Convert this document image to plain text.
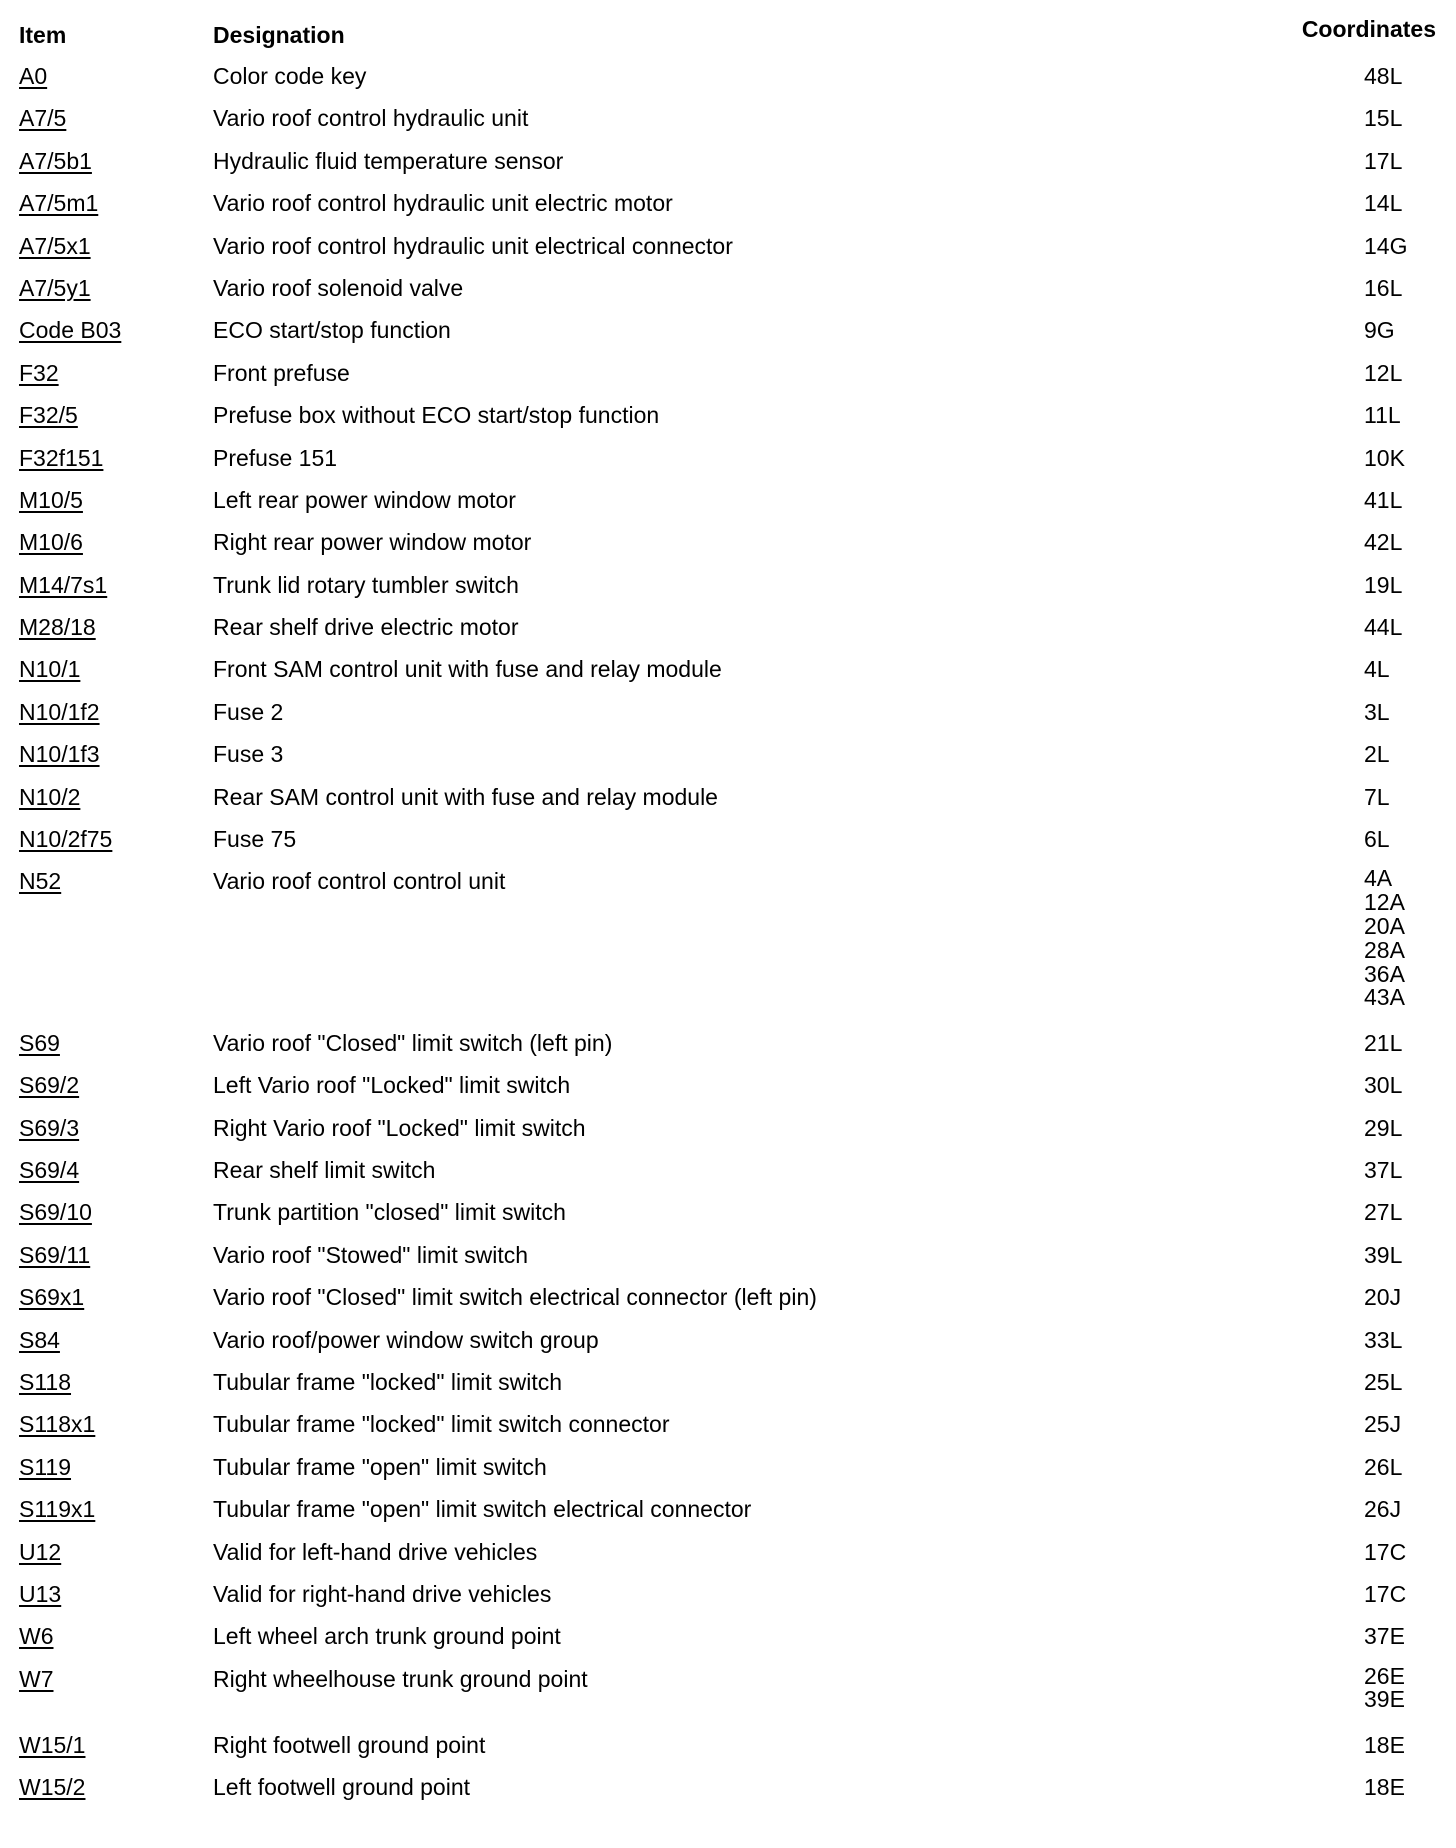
Item	Designation	Coordinates
A0	Color code key	48L
A7/5	Vario roof control hydraulic unit	15L
A7/5b1	Hydraulic fluid temperature sensor	17L
A7/5m1	Vario roof control hydraulic unit electric motor	14L
A7/5x1	Vario roof control hydraulic unit electrical connector	14G
A7/5y1	Vario roof solenoid valve	16L
Code B03	ECO start/stop function	9G
F32	Front prefuse	12L
F32/5	Prefuse box without ECO start/stop function	11L
F32f151	Prefuse 151	10K
M10/5	Left rear power window motor	41L
M10/6	Right rear power window motor	42L
M14/7s1	Trunk lid rotary tumbler switch	19L
M28/18	Rear shelf drive electric motor	44L
N10/1	Front SAM control unit with fuse and relay module	4L
N10/1f2	Fuse 2	3L
N10/1f3	Fuse 3	2L
N10/2	Rear SAM control unit with fuse and relay module	7L
N10/2f75	Fuse 75	6L
N52	Vario roof control control unit	4A
12A
20A
28A
36A
43A
S69	Vario roof "Closed" limit switch (left pin)	21L
S69/2	Left Vario roof "Locked" limit switch	30L
S69/3	Right Vario roof "Locked" limit switch	29L
S69/4	Rear shelf limit switch	37L
S69/10	Trunk partition "closed" limit switch	27L
S69/11	Vario roof "Stowed" limit switch	39L
S69x1	Vario roof "Closed" limit switch electrical connector (left pin)	20J
S84	Vario roof/power window switch group	33L
S118	Tubular frame "locked" limit switch	25L
S118x1	Tubular frame "locked" limit switch connector	25J
S119	Tubular frame "open" limit switch	26L
S119x1	Tubular frame "open" limit switch electrical connector	26J
U12	Valid for left-hand drive vehicles	17C
U13	Valid for right-hand drive vehicles	17C
W6	Left wheel arch trunk ground point	37E
W7	Right wheelhouse trunk ground point	26E
39E
W15/1	Right footwell ground point	18E
W15/2	Left footwell ground point	18E
